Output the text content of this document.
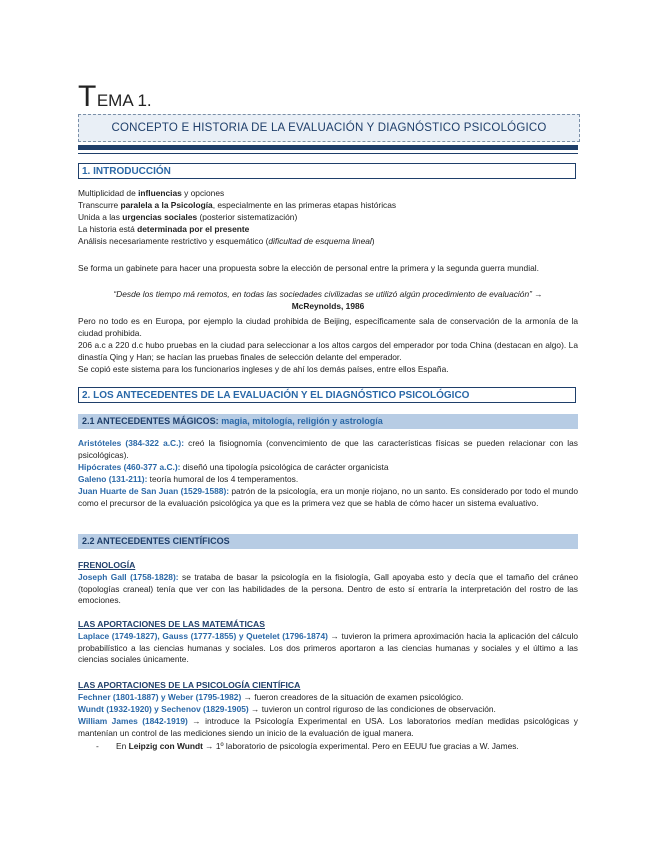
TEMA 1.
CONCEPTO E HISTORIA DE LA EVALUACIÓN Y DIAGNÓSTICO PSICOLÓGICO
1. INTRODUCCIÓN
Multiplicidad de influencias y opciones
Transcurre paralela a la Psicología, especialmente en las primeras etapas históricas
Unida a las urgencias sociales (posterior sistematización)
La historia está determinada por el presente
Análisis necesariamente restrictivo y esquemático (dificultad de esquema lineal)
Se forma un gabinete para hacer una propuesta sobre la elección de personal entre la primera y la segunda guerra mundial.
“Desde los tiempo má remotos, en todas las sociedades civilizadas se utilizó algún procedimiento de evaluación” →
McReynolds, 1986
Pero no todo es en Europa, por ejemplo la ciudad prohibida de Beijing, específicamente sala de conservación de la armonía de la ciudad prohibida.
206 a.c a 220 d.c hubo pruebas en la ciudad para seleccionar a los altos cargos del emperador por toda China (destacan en algo). La dinastía Qing y Han; se hacían las pruebas finales de selección delante del emperador.
Se copió este sistema para los funcionarios ingleses y de ahí los demás países, entre ellos España.
2. LOS ANTECEDENTES DE LA EVALUACIÓN Y EL DIAGNÓSTICO PSICOLÓGICO
2.1 ANTECEDENTES MÁGICOS: magia, mitología, religión y astrología
Aristóteles (384-322 a.C.): creó la fisiognomía (convencimiento de que las características físicas se pueden relacionar con las psicológicas).
Hipócrates (460-377 a.C.): diseñó una tipología psicológica de carácter organicista
Galeno (131-211): teoría humoral de los 4 temperamentos.
Juan Huarte de San Juan (1529-1588): patrón de la psicología, era un monje riojano, no un santo. Es considerado por todo el mundo como el precursor de la evaluación psicológica ya que es la primera vez que se habla de cómo hacer un sistema evaluativo.
2.2 ANTECEDENTES CIENTÍFICOS
FRENOLOGÍA
Joseph Gall (1758-1828): se trataba de basar la psicología en la fisiología, Gall apoyaba esto y decía que el tamaño del cráneo (topologías craneal) tenía que ver con las habilidades de la persona. Dentro de esto sí entraría la interpretación del rostro de las emociones.
LAS APORTACIONES DE LAS MATEMÁTICAS
Laplace (1749-1827), Gauss (1777-1855) y Quetelet (1796-1874) → tuvieron la primera aproximación hacia la aplicación del cálculo probabilístico a las ciencias humanas y sociales. Los dos primeros aportaron a las ciencias humanas y sociales y el último a las ciencias sociales únicamente.
LAS APORTACIONES DE LA PSICOLOGÍA CIENTÍFICA
Fechner (1801-1887) y Weber (1795-1982) → fueron creadores de la situación de examen psicológico.
Wundt (1932-1920) y Sechenov (1829-1905) → tuvieron un control riguroso de las condiciones de observación.
William James (1842-1919) → introduce la Psicología Experimental en USA. Los laboratorios medían medidas psicológicas y mantenían un control de las mediciones siendo un inicio de la evaluación de igual manera.
-	En Leipzig con Wundt → 1º laboratorio de psicología experimental. Pero en EEUU fue gracias a W. James.
